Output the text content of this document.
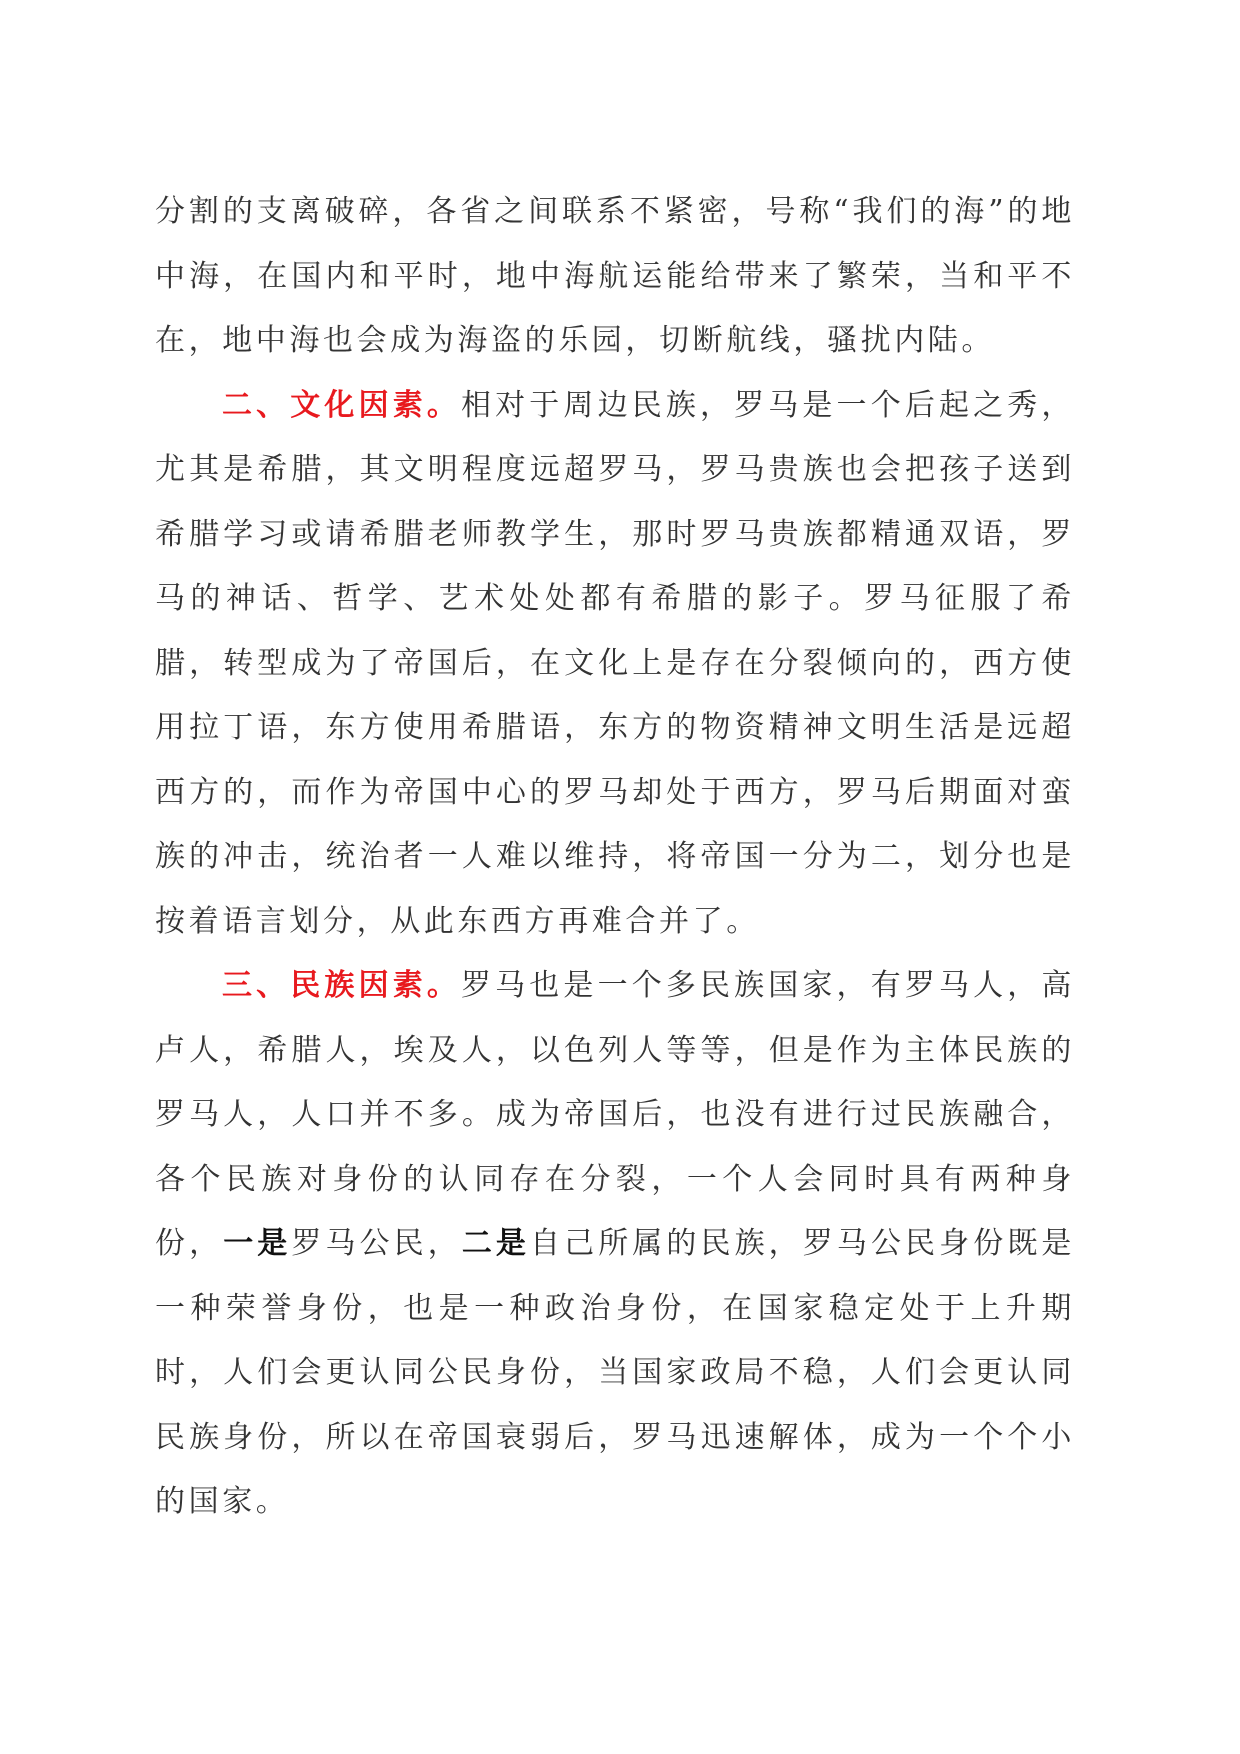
分割的支离破碎，各省之间联系不紧密，号称“我们的海”的地中海，在国内和平时，地中海航运能给带来了繁荣，当和平不在，地中海也会成为海盗的乐园，切断航线，骚扰内陆。

二、文化因素。相对于周边民族，罗马是一个后起之秀，尤其是希腊，其文明程度远超罗马，罗马贵族也会把孩子送到希腊学习或请希腊老师教学生，那时罗马贵族都精通双语，罗马的神话、哲学、艺术处处都有希腊的影子。罗马征服了希腊，转型成为了帝国后，在文化上是存在分裂倾向的，西方使用拉丁语，东方使用希腊语，东方的物资精神文明生活是远超西方的，而作为帝国中心的罗马却处于西方，罗马后期面对蛮族的冲击，统治者一人难以维持，将帝国一分为二，划分也是按着语言划分，从此东西方再难合并了。

三、民族因素。罗马也是一个多民族国家，有罗马人，高卢人，希腊人，埃及人，以色列人等等，但是作为主体民族的罗马人，人口并不多。成为帝国后，也没有进行过民族融合，各个民族对身份的认同存在分裂，一个人会同时具有两种身份，一是罗马公民，二是自己所属的民族，罗马公民身份既是一种荣誉身份，也是一种政治身份，在国家稳定处于上升期时，人们会更认同公民身份，当国家政局不稳，人们会更认同民族身份，所以在帝国衰弱后，罗马迅速解体，成为一个个小的国家。
